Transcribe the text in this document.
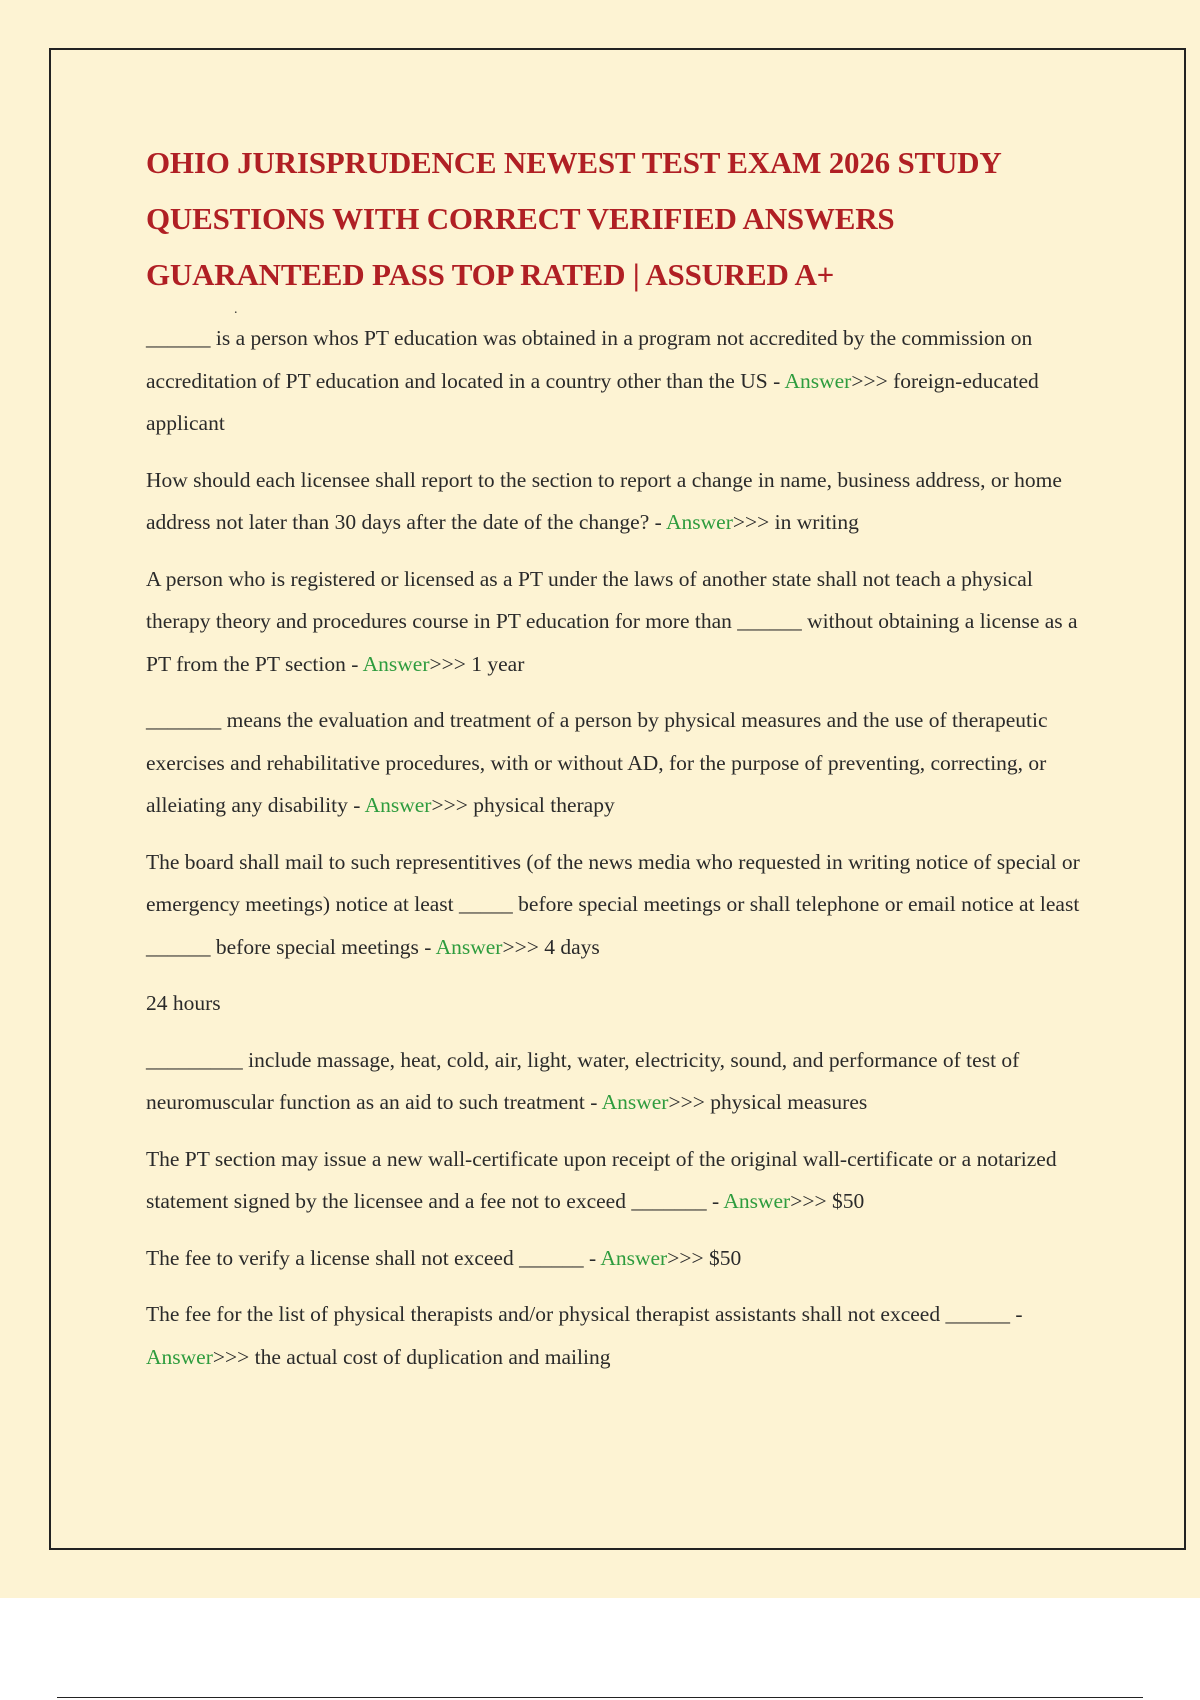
OHIO JURISPRUDENCE NEWEST TEST EXAM 2026 STUDY QUESTIONS WITH CORRECT VERIFIED ANSWERS GUARANTEED PASS TOP RATED | ASSURED A+
.

______ is a person whos PT education was obtained in a program not accredited by the commission on accreditation of PT education and located in a country other than the US - Answer>>> foreign-educated applicant

How should each licensee shall report to the section to report a change in name, business address, or home address not later than 30 days after the date of the change? - Answer>>> in writing

A person who is registered or licensed as a PT under the laws of another state shall not teach a physical therapy theory and procedures course in PT education for more than ______ without obtaining a license as a PT from the PT section - Answer>>> 1 year

_______ means the evaluation and treatment of a person by physical measures and the use of therapeutic exercises and rehabilitative procedures, with or without AD, for the purpose of preventing, correcting, or alleiating any disability - Answer>>> physical therapy

The board shall mail to such representitives (of the news media who requested in writing notice of special or emergency meetings) notice at least _____ before special meetings or shall telephone or email notice at least ______ before special meetings - Answer>>> 4 days

24 hours

_________ include massage, heat, cold, air, light, water, electricity, sound, and performance of test of neuromuscular function as an aid to such treatment - Answer>>> physical measures

The PT section may issue a new wall-certificate upon receipt of the original wall-certificate or a notarized statement signed by the licensee and a fee not to exceed _______ - Answer>>> $50

The fee to verify a license shall not exceed ______ - Answer>>> $50

The fee for the list of physical therapists and/or physical therapist assistants shall not exceed ______ - Answer>>> the actual cost of duplication and mailing
